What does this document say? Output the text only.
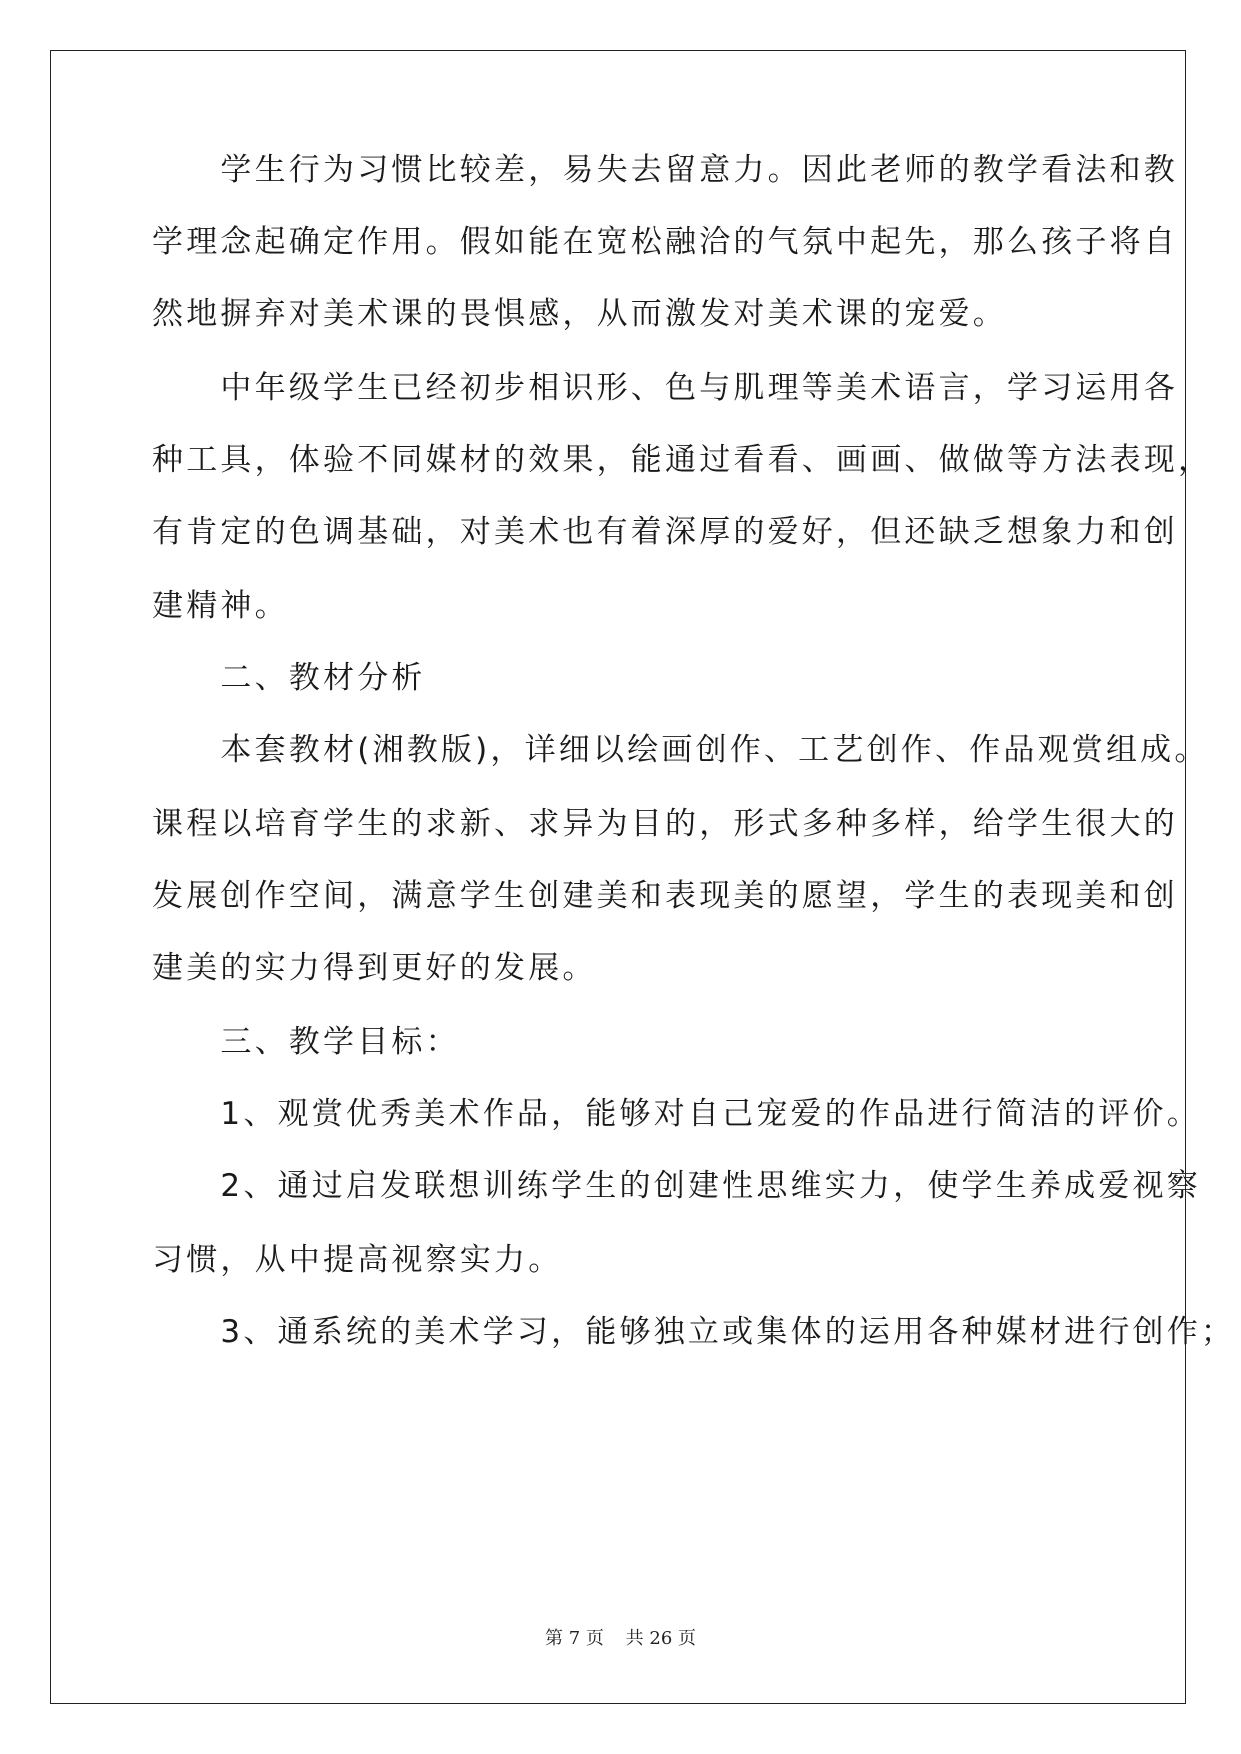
　　学生行为习惯比较差，易失去留意力。因此老师的教学看法和教
学理念起确定作用。假如能在宽松融洽的气氛中起先，那么孩子将自
然地摒弃对美术课的畏惧感，从而激发对美术课的宠爱。
　　中年级学生已经初步相识形、色与肌理等美术语言，学习运用各
种工具，体验不同媒材的效果，能通过看看、画画、做做等方法表现，
有肯定的色调基础，对美术也有着深厚的爱好，但还缺乏想象力和创
建精神。
　　二、教材分析
　　本套教材(湘教版)，详细以绘画创作、工艺创作、作品观赏组成。
课程以培育学生的求新、求异为目的，形式多种多样，给学生很大的
发展创作空间，满意学生创建美和表现美的愿望，学生的表现美和创
建美的实力得到更好的发展。
　　三、教学目标：
　　1、观赏优秀美术作品，能够对自己宠爱的作品进行简洁的评价。
　　2、通过启发联想训练学生的创建性思维实力，使学生养成爱视察
习惯，从中提高视察实力。
　　3、通系统的美术学习，能够独立或集体的运用各种媒材进行创作；
第 7 页 共 26 页
